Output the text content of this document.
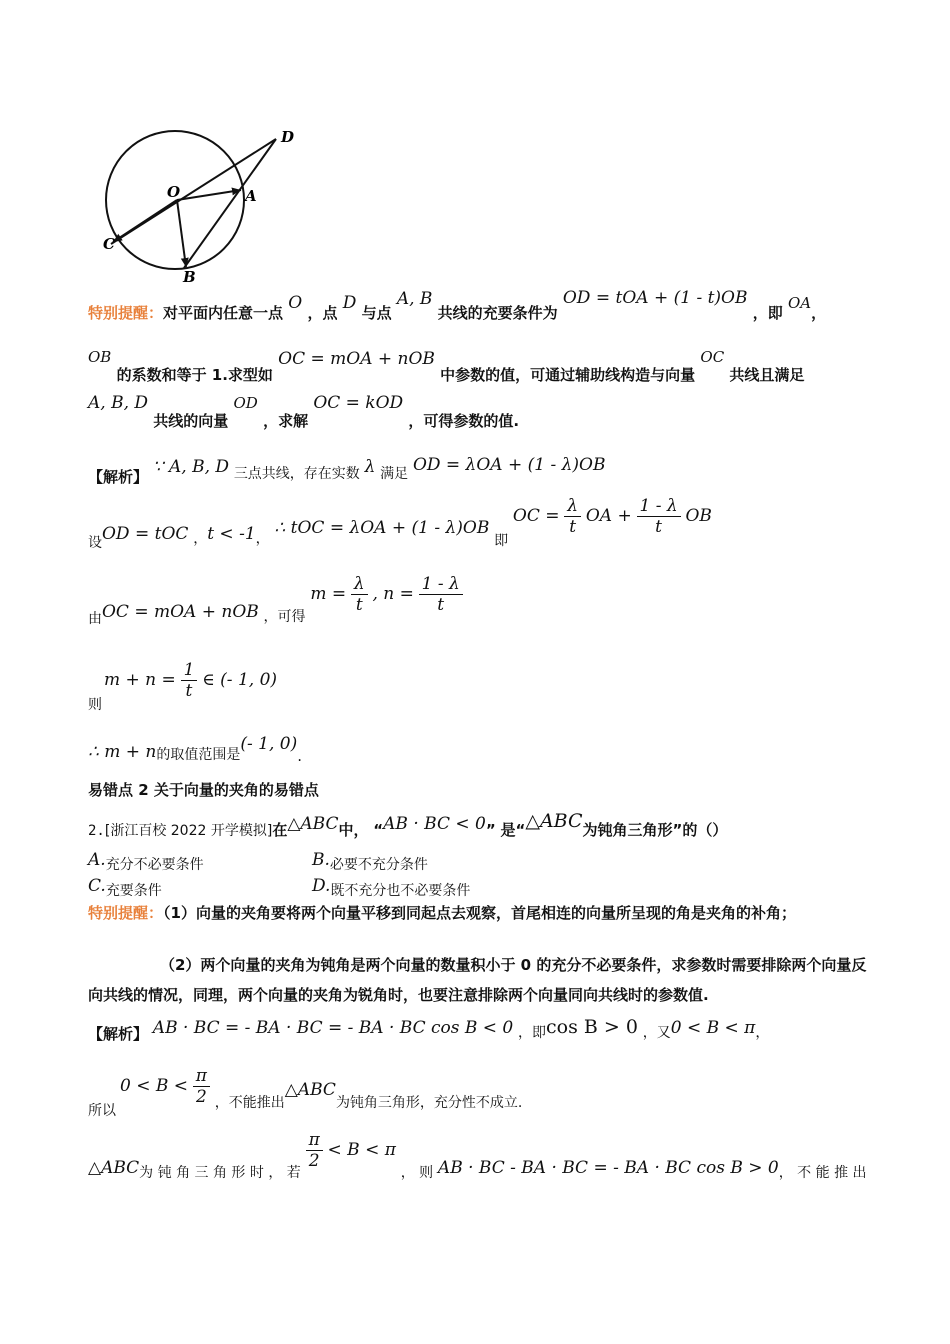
D
O	A
C
B
特别提醒：对平面内任意一点 O ，点 D 与点 A, B 共线的充要条件为 OD = tOA + (1 - t)OB ，即 OA，
OB 的系数和等于 1.求型如 OC = mOA + nOB 中参数的值，可通过辅助线构造与向量 OC 共线且满足
A, B, D 共线的向量 OD ，求解 OC = kOD ，可得参数的值.
【解析】 ∵ A, B, D 三点共线，存在实数 λ 满足 OD = λOA + (1 - λ)OB
设OD = tOC ，t < -1， ∴ tOC = λOA + (1 - λ)OB 即 OC = $\frac{\lambda}{t}$ OA + $\frac{1 - \lambda}{t}$ OB
由OC = mOA + nOB ，可得 $m = \frac{\lambda}{t}$ , $n = \frac{1 - \lambda}{t}$
则
$m + n = \frac{1}{t}$ ∈ (- 1, 0)
∴ m + n的取值范围是(- 1, 0).
易错点 2 关于向量的夹角的易错点
2.[浙江百校 2022 开学模拟]在△ABC中， “AB · BC < 0” 是“△ABC为钝角三角形”的（）
A.充分不必要条件	B.必要不充分条件
C.充要条件	D.既不充分也不必要条件
特别提醒：（1）向量的夹角要将两个向量平移到同起点去观察，首尾相连的向量所呈现的角是夹角的补角；
（2）两个向量的夹角为钝角是两个向量的数量积小于 0 的充分不必要条件，求参数时需要排除两个向量反向共线的情况，同理，两个向量的夹角为锐角时，也要注意排除两个向量同向共线时的参数值.
【解析】 AB · BC = - BA · BC = - BA · BC cos B < 0 ，即cos B > 0 ，又0 < B < π，
所以
$0 < B < \frac{\pi}{2}$ ，不能推出△ABC为钝角三角形，充分性不成立.
△ABC为 钝 角 三 角 形 时 ， 若
$\frac{\pi}{2} < B < \pi$ ， 则 AB · BC - BA · BC = - BA · BC cos B > 0， 不 能 推 出
